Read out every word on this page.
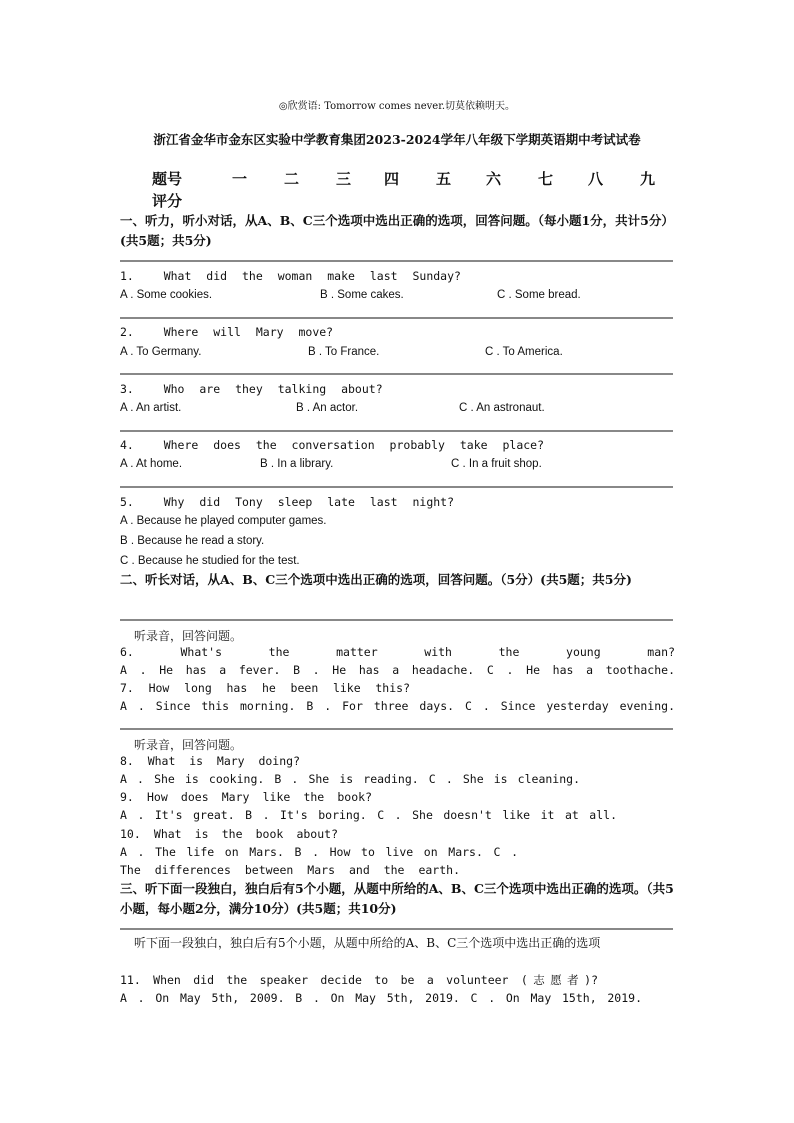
◎欣赏语: Tomorrow comes never.切莫依赖明天。
浙江省金华市金东区实验中学教育集团2023-2024学年八年级下学期英语期中考试试卷
题号	一 二 三 四 五 六 七 八 九
评分
一、听力，听小对话，从A、B、C三个选项中选出正确的选项，回答问题。（每小题1分，共计5分）(共5题；共5分)
1.  What did the woman make last Sunday?
A . Some cookies.	B . Some cakes.	C . Some bread.
2.  Where will Mary move?
A . To Germany.	B . To France.	C . To America.
3.  Who are they talking about?
A . An artist.	B . An actor.	C . An astronaut.
4.  Where does the conversation probably take place?
A . At home.	B . In a library.	C . In a fruit shop.
5.  Why did Tony sleep late last night?
A . Because he played computer games.
B . Because he read a story.
C . Because he studied for the test.
二、听长对话，从A、B、C三个选项中选出正确的选项，回答问题。（5分）(共5题；共5分)
听录音，回答问题。
6. What's the matter with the young man?
A . He has a fever. B . He has a headache. C . He has a toothache.
7. How long has he been like this?
A . Since this morning. B . For three days. C . Since yesterday evening.
听录音，回答问题。
8. What is Mary doing?
A . She is cooking. B . She is reading. C . She is cleaning.
9. How does Mary like the book?
A . It's great. B . It's boring. C . She doesn't like it at all.
10. What is the book about?
A . The life on Mars. B . How to live on Mars. C .
The differences between Mars and the earth.
三、听下面一段独白，独白后有5个小题，从题中所给的A、B、C三个选项中选出正确的选项。（共5小题，每小题2分，满分10分）(共5题；共10分)
听下面一段独白，独白后有5个小题，从题中所给的A、B、C三个选项中选出正确的选项
11. When did the speaker decide to be a volunteer (志愿者)?
A . On May 5th, 2009. B . On May 5th, 2019. C . On May 15th, 2019.
